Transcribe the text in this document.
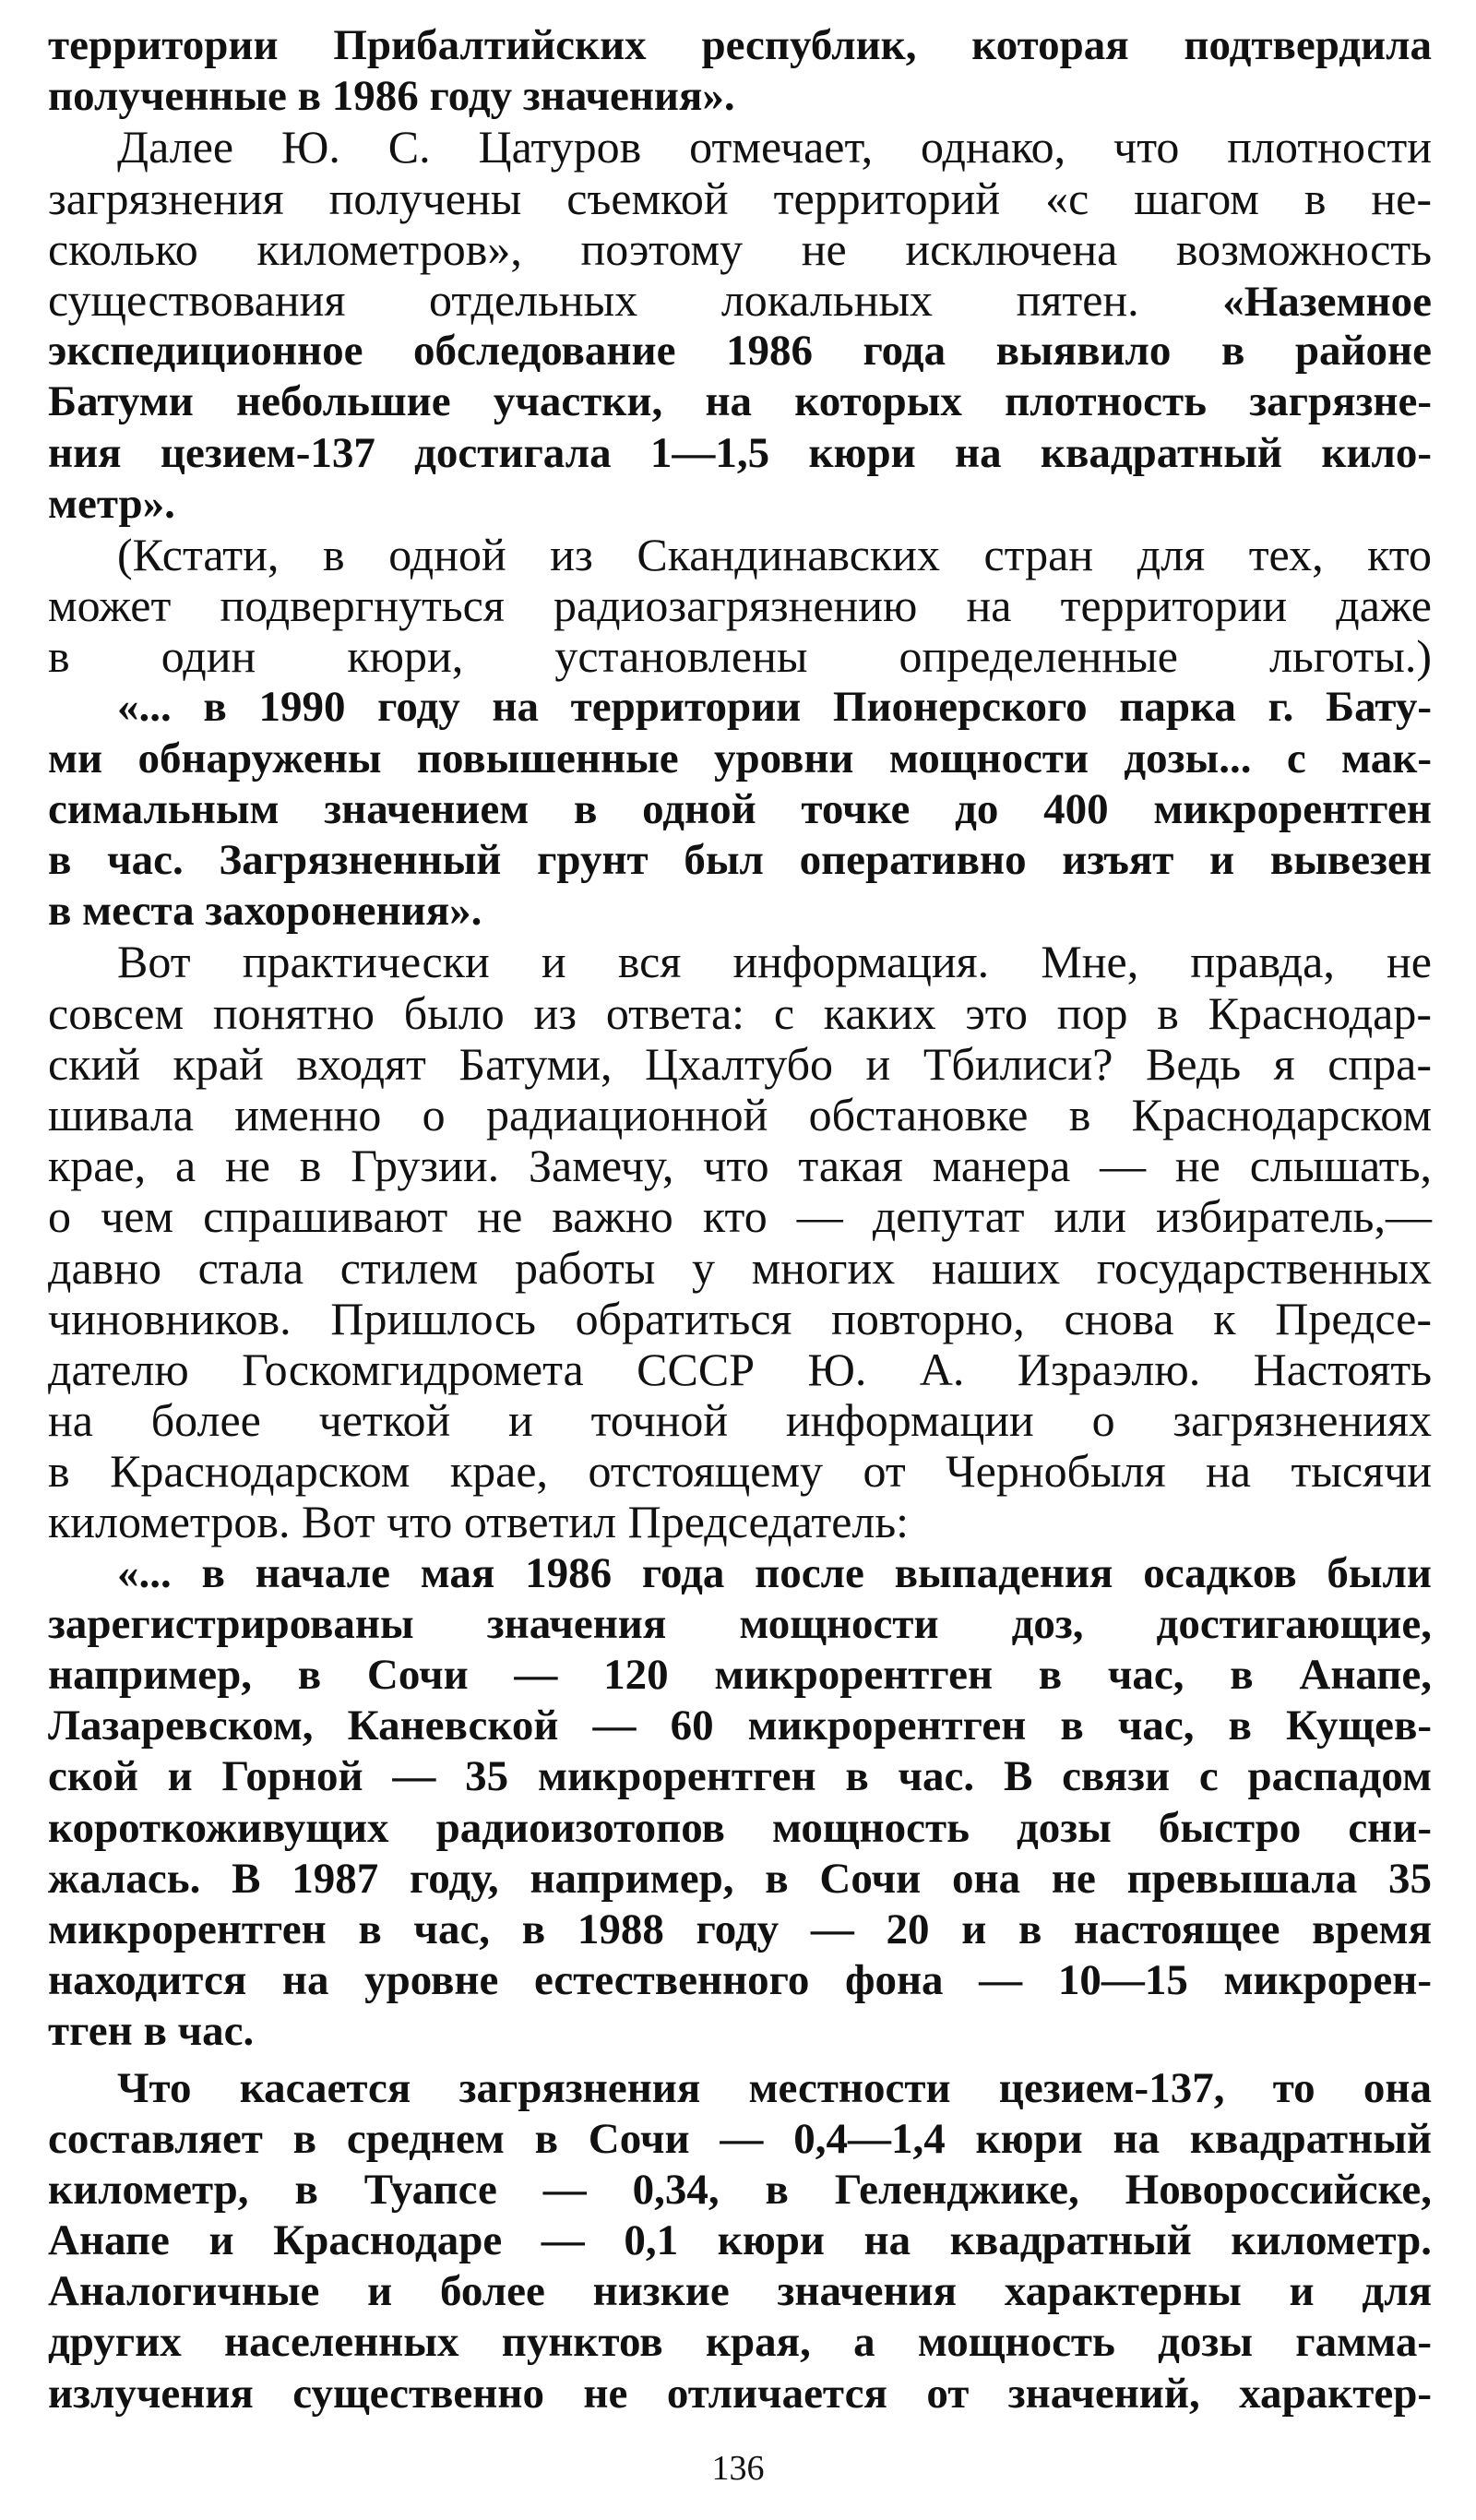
территории Прибалтийских республик, которая подтвердила
полученные в 1986 году значения».
Далее Ю. С. Цатуров отмечает, однако, что плотности
загрязнения получены съемкой территорий «с шагом в не-
сколько километров», поэтому не исключена возможность
существования отдельных локальных пятен. «Наземное
экспедиционное обследование 1986 года выявило в районе
Батуми небольшие участки, на которых плотность загрязне-
ния цезием-137 достигала 1—1,5 кюри на квадратный кило-
метр».
(Кстати, в одной из Скандинавских стран для тех, кто
может подвергнуться радиозагрязнению на территории даже
в один кюри, установлены определенные льготы.)
«... в 1990 году на территории Пионерского парка г. Бату-
ми обнаружены повышенные уровни мощности дозы... с мак-
симальным значением в одной точке до 400 микрорентген
в час. Загрязненный грунт был оперативно изъят и вывезен
в места захоронения».
Вот практически и вся информация. Мне, правда, не
совсем понятно было из ответа: с каких это пор в Краснодар-
ский край входят Батуми, Цхалтубо и Тбилиси? Ведь я спра-
шивала именно о радиационной обстановке в Краснодарском
крае, а не в Грузии. Замечу, что такая манера — не слышать,
о чем спрашивают не важно кто — депутат или избиратель,—
давно стала стилем работы у многих наших государственных
чиновников. Пришлось обратиться повторно, снова к Предсе-
дателю Госкомгидромета СССР Ю. А. Израэлю. Настоять
на более четкой и точной информации о загрязнениях
в Краснодарском крае, отстоящему от Чернобыля на тысячи
километров. Вот что ответил Председатель:
«... в начале мая 1986 года после выпадения осадков были
зарегистрированы значения мощности доз, достигающие,
например, в Сочи — 120 микрорентген в час, в Анапе,
Лазаревском, Каневской — 60 микрорентген в час, в Кущев-
ской и Горной — 35 микрорентген в час. В связи с распадом
короткоживущих радиоизотопов мощность дозы быстро сни-
жалась. В 1987 году, например, в Сочи она не превышала 35
микрорентген в час, в 1988 году — 20 и в настоящее время
находится на уровне естественного фона — 10—15 микрорен-
тген в час.
Что касается загрязнения местности цезием-137, то она
составляет в среднем в Сочи — 0,4—1,4 кюри на квадратный
километр, в Туапсе — 0,34, в Геленджике, Новороссийске,
Анапе и Краснодаре — 0,1 кюри на квадратный километр.
Аналогичные и более низкие значения характерны и для
других населенных пунктов края, а мощность дозы гамма-
излучения существенно не отличается от значений, характер-
136
